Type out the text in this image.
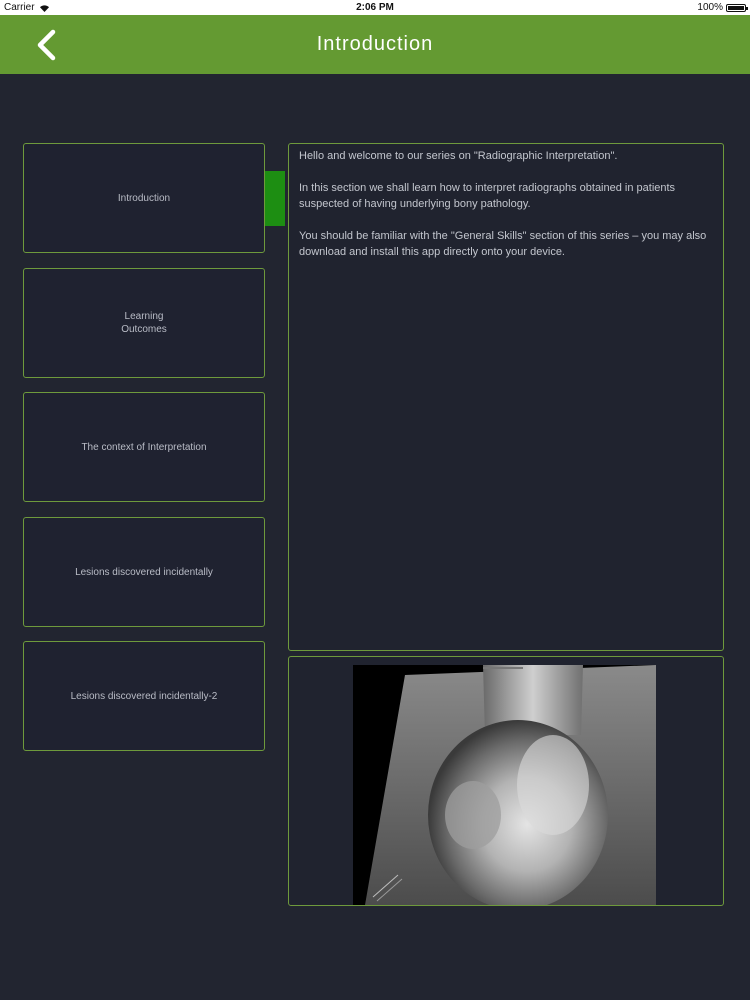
Carrier	2:06 PM	100%
Introduction
Introduction
Learning
Outcomes
The context of Interpretation
Lesions discovered incidentally
Lesions discovered incidentally-2

Hello and welcome to our series on "Radiographic Interpretation".

In this section we shall learn how to interpret radiographs obtained in patients suspected of having underlying bony pathology.

You should be familiar with the "General Skills" section of this series – you may also download and install this app directly onto your device.
